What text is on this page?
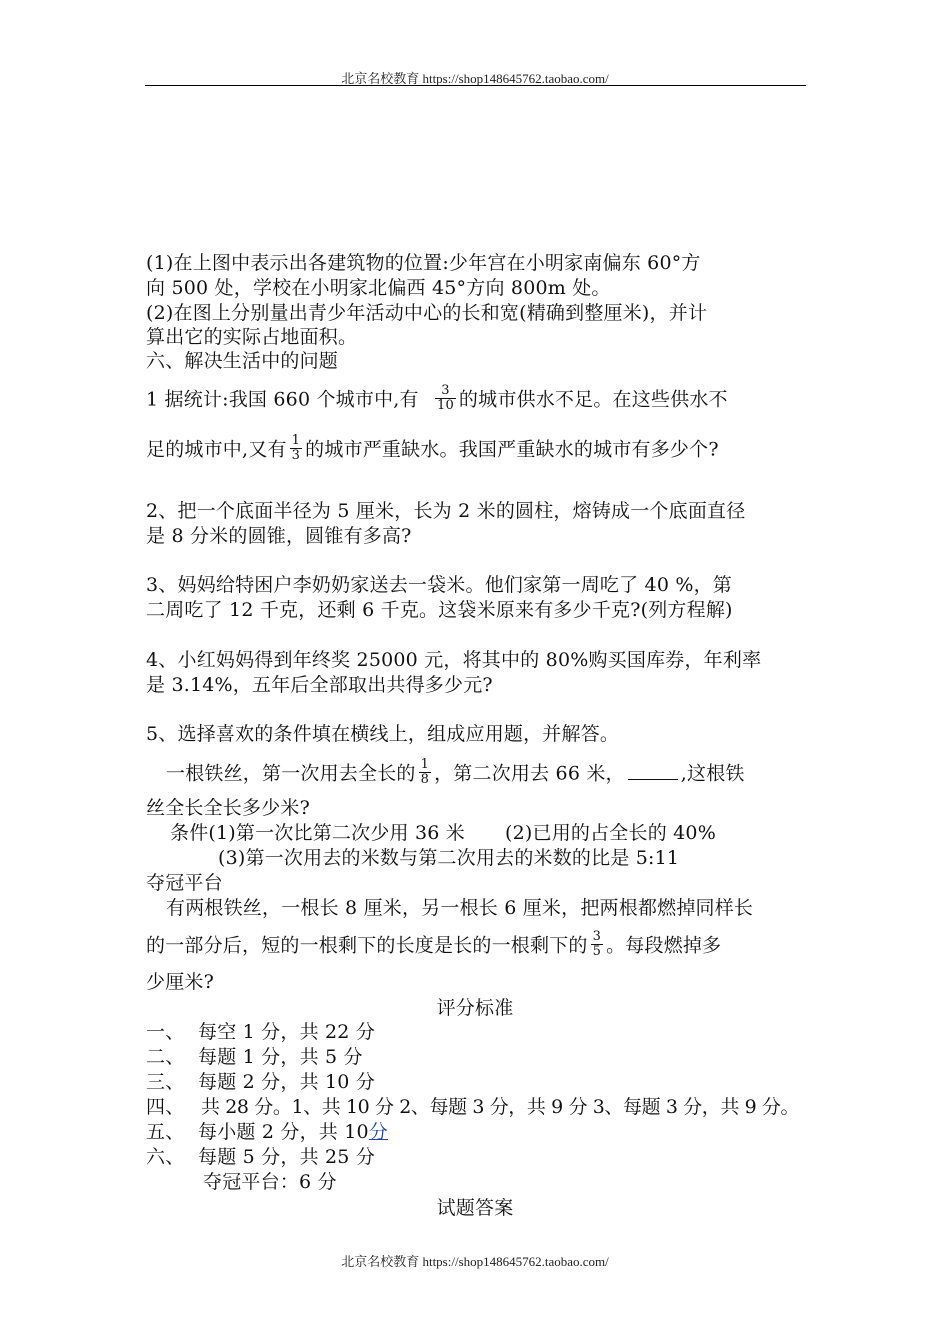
北京名校教育 https://shop148645762.taobao.com/
(1)在上图中表示出各建筑物的位置:少年宫在小明家南偏东 60°方
向 500 处，学校在小明家北偏西 45°方向 800m 处。
(2)在图上分别量出青少年活动中心的长和宽(精确到整厘米)，并计
算出它的实际占地面积。
六、解决生活中的问题
1 据统计:我国 660 个城市中,有 $\frac{3}{10}$ 的城市供水不足。在这些供水不
足的城市中,又有 $\frac{1}{3}$ 的城市严重缺水。我国严重缺水的城市有多少个?
2、把一个底面半径为 5 厘米，长为 2 米的圆柱，熔铸成一个底面直径
是 8 分米的圆锥，圆锥有多高?
3、妈妈给特困户李奶奶家送去一袋米。他们家第一周吃了 40 %，第
二周吃了 12 千克，还剩 6 千克。这袋米原来有多少千克?(列方程解)
4、小红妈妈得到年终奖 25000 元，将其中的 80%购买国库券，年利率
是 3.14%，五年后全部取出共得多少元?
5、选择喜欢的条件填在横线上，组成应用题，并解答。
一根铁丝，第一次用去全长的 $\frac{1}{8}$ ，第二次用去 66 米，	,这根铁
丝全长全长多少米?
条件(1)第一次比第二次少用 36 米 (2)已用的占全长的 40%
(3)第一次用去的米数与第二次用去的米数的比是 5:11
夺冠平台
有两根铁丝，一根长 8 厘米，另一根长 6 厘米，把两根都燃掉同样长
的一部分后，短的一根剩下的长度是长的一根剩下的 $\frac{3}{5}$ 。每段燃掉多
少厘米?
评分标准
一、 每空 1 分，共 22 分
二、 每题 1 分，共 5 分
三、 每题 2 分，共 10 分
四、 共 28 分。1、共 10 分 2、每题 3 分，共 9 分 3、每题 3 分，共 9 分。
五、 每小题 2 分，共 10分
六、 每题 5 分，共 25 分
夺冠平台：6 分
试题答案
北京名校教育 https://shop148645762.taobao.com/
